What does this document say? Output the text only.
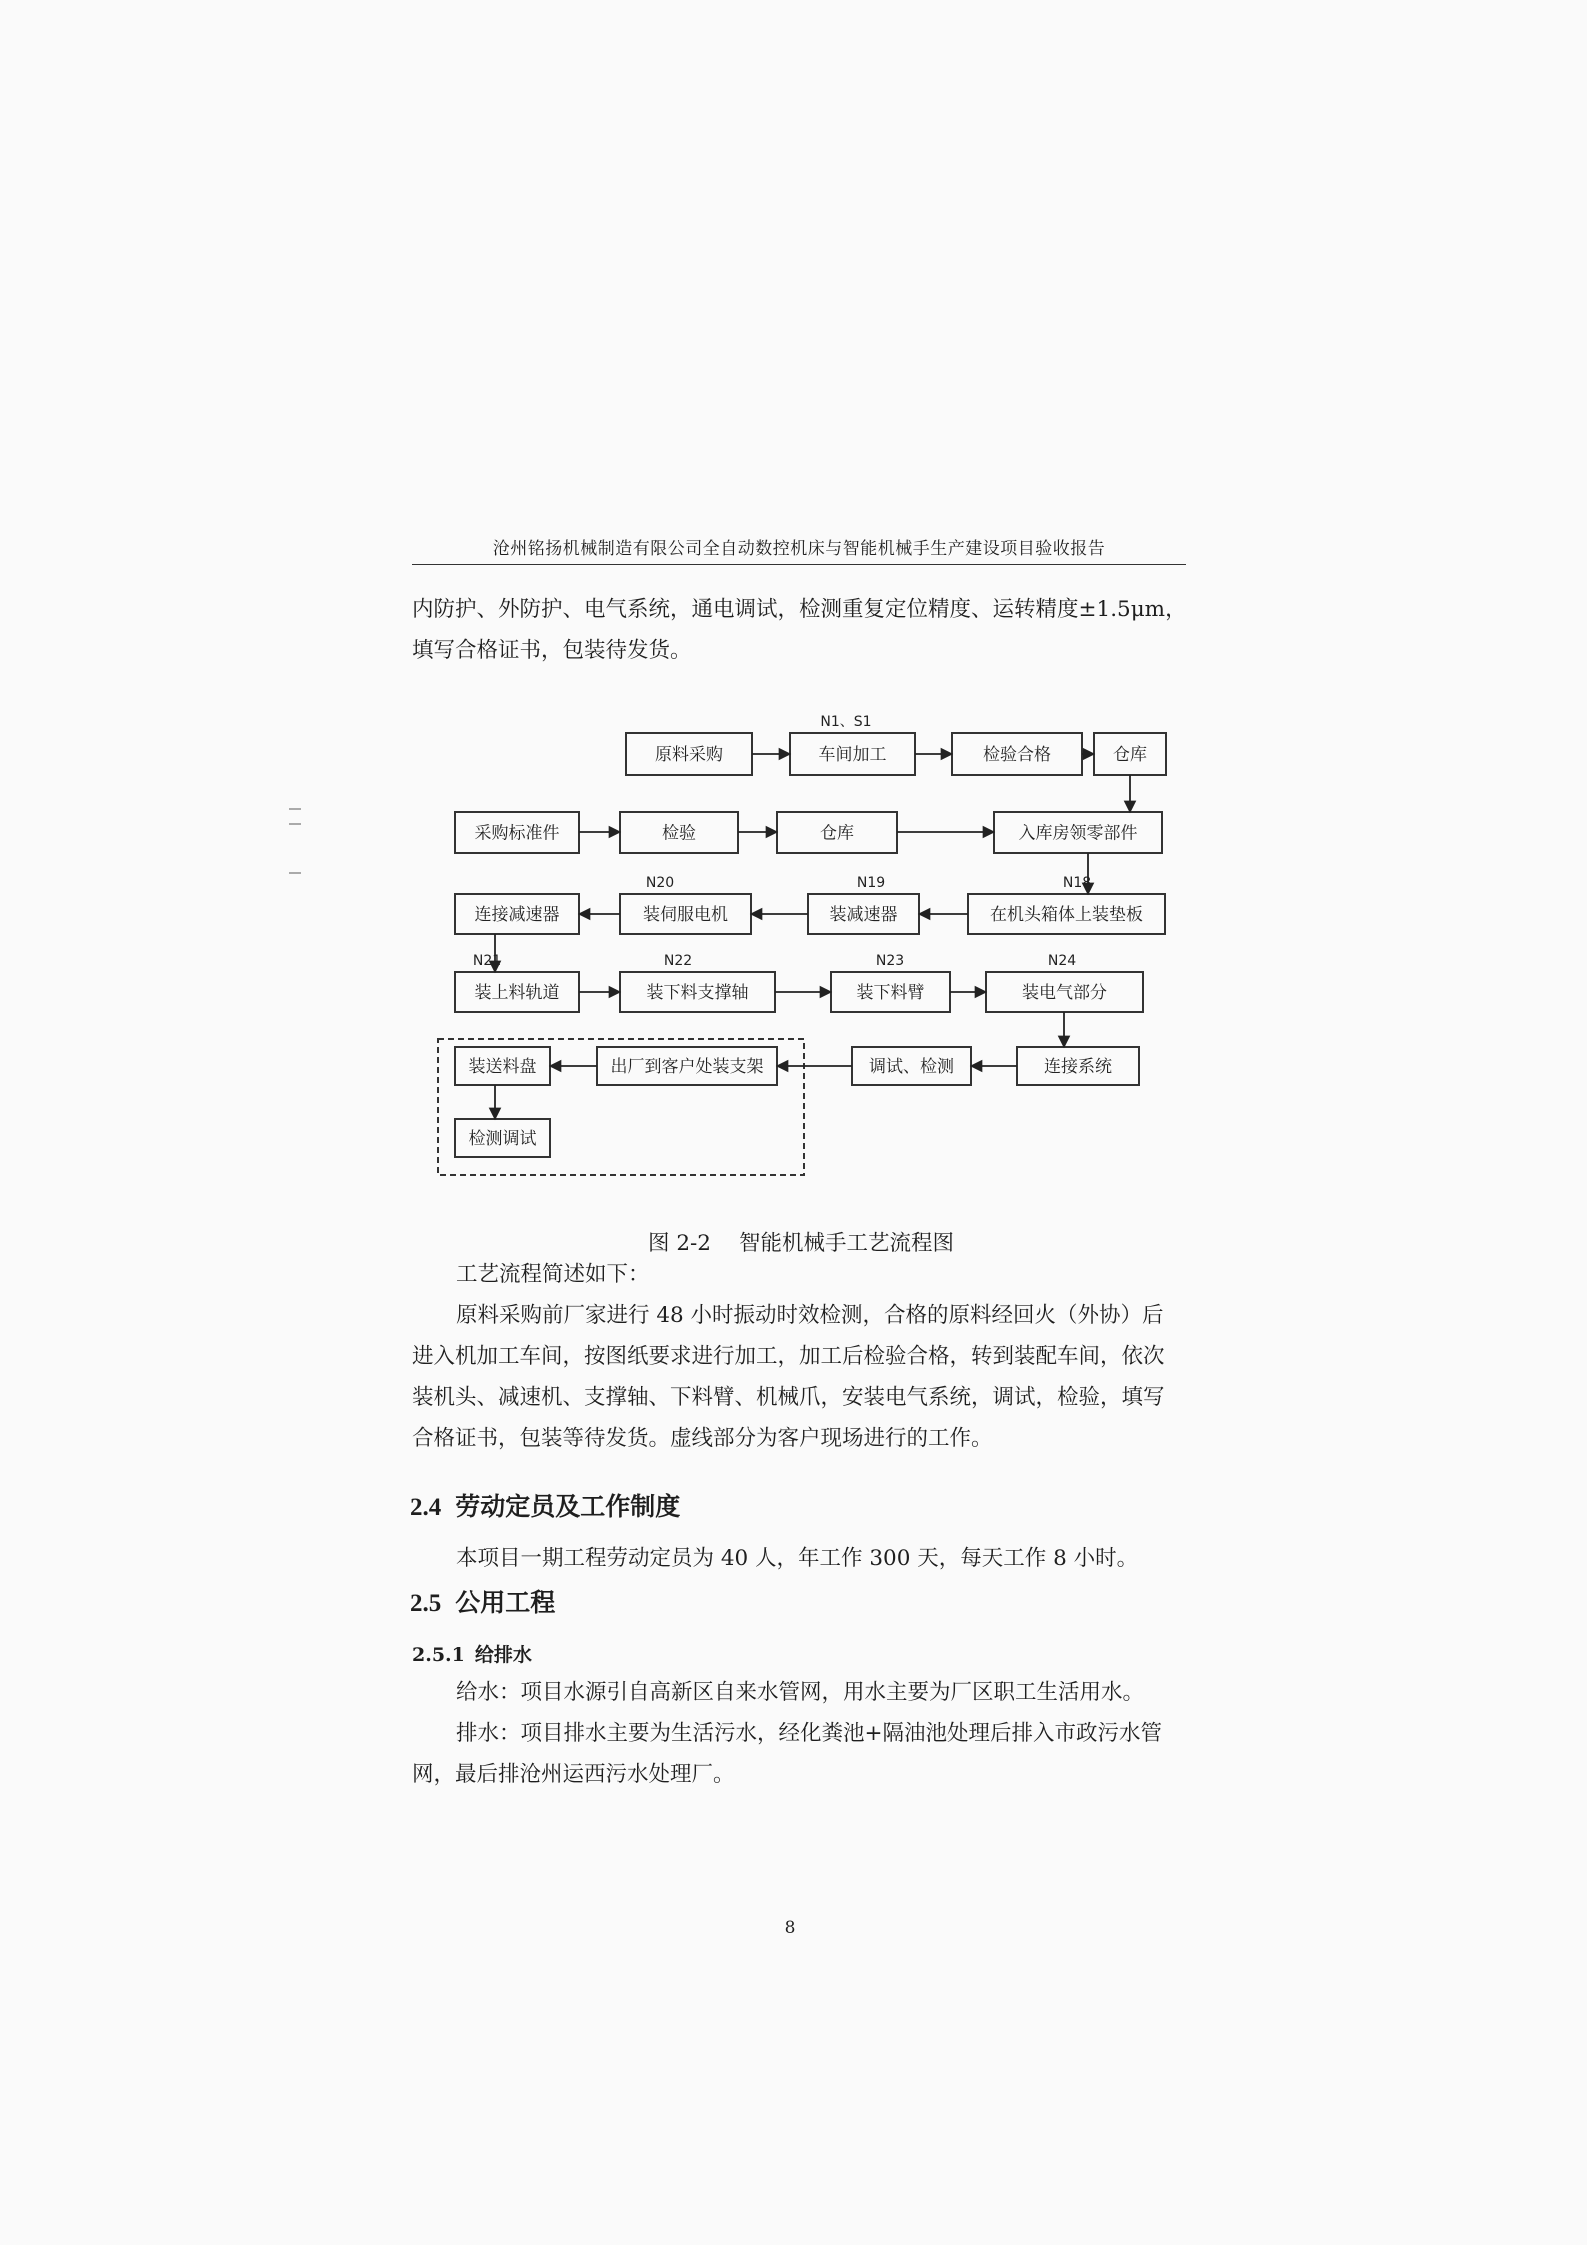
沧州铭扬机械制造有限公司全自动数控机床与智能机械手生产建设项目验收报告
内防护、外防护、电气系统，通电调试，检测重复定位精度、运转精度±1.5μm，
填写合格证书，包装待发货。
原料采购	车间加工	检验合格	仓库
采购标准件	检验	仓库	入库房领零部件
连接减速器	装伺服电机	装减速器	在机头箱体上装垫板
装上料轨道	装下料支撑轴	装下料臂	装电气部分
装送料盘	出厂到客户处装支架	调试、检测	连接系统
检测调试
N1、S1
N20	N19	N18
N21	N22	N23	N24
图 2-2 智能机械手工艺流程图
工艺流程简述如下：
原料采购前厂家进行 48 小时振动时效检测，合格的原料经回火（外协）后
进入机加工车间，按图纸要求进行加工，加工后检验合格，转到装配车间，依次
装机头、减速机、支撑轴、下料臂、机械爪，安装电气系统，调试，检验，填写
合格证书，包装等待发货。虚线部分为客户现场进行的工作。
2.4 劳动定员及工作制度
本项目一期工程劳动定员为 40 人，年工作 300 天，每天工作 8 小时。
2.5 公用工程
2.5.1 给排水
给水：项目水源引自高新区自来水管网，用水主要为厂区职工生活用水。
排水：项目排水主要为生活污水，经化粪池+隔油池处理后排入市政污水管
网，最后排沧州运西污水处理厂。
8
